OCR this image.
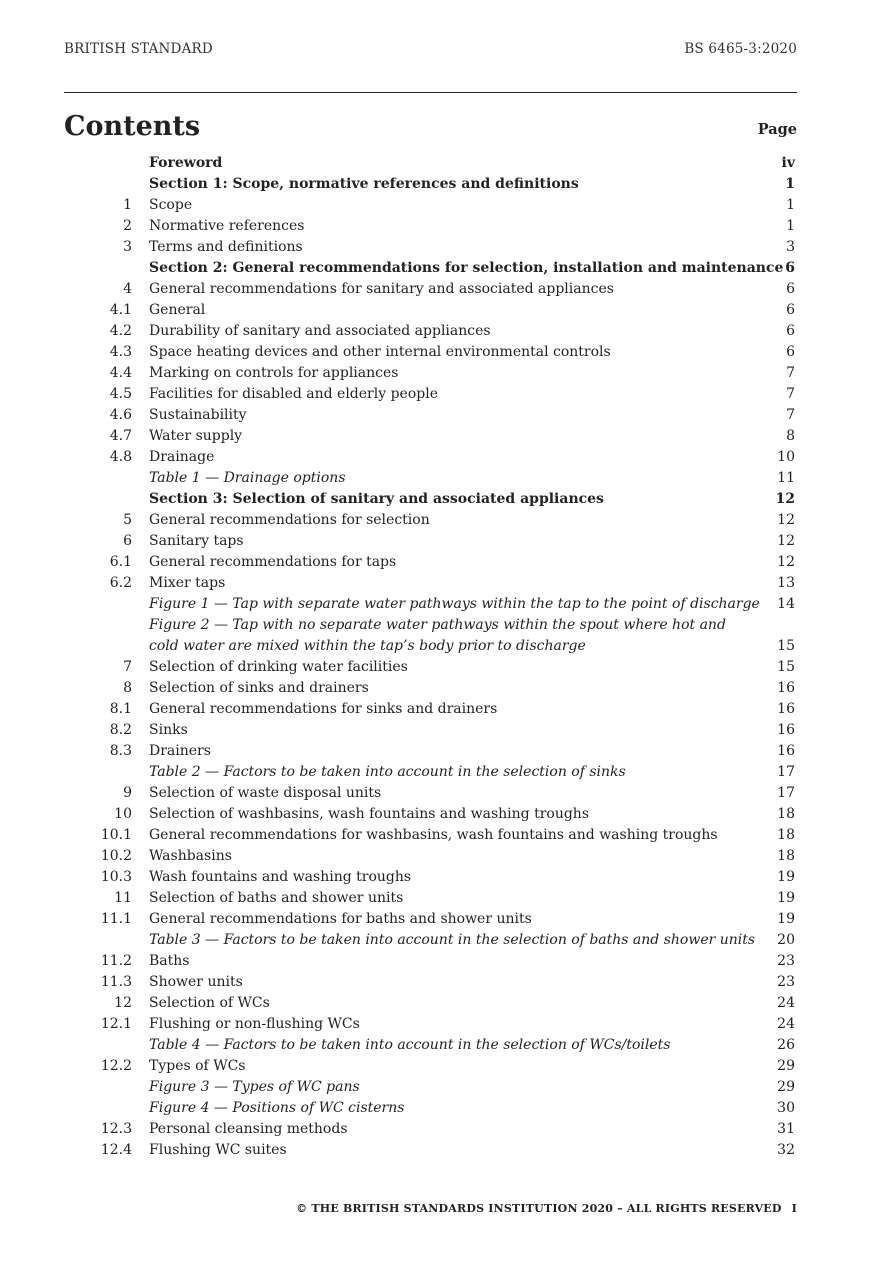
BRITISH STANDARD	BS 6465-3:2020
Contents	Page
Foreword	iv
Section 1: Scope, normative references and definitions	1
1 Scope	1
2 Normative references	1
3 Terms and definitions	3
Section 2: General recommendations for selection, installation and maintenance 6
4 General recommendations for sanitary and associated appliances	6
4.1 General	6
4.2 Durability of sanitary and associated appliances	6
4.3 Space heating devices and other internal environmental controls	6
4.4 Marking on controls for appliances	7
4.5 Facilities for disabled and elderly people	7
4.6 Sustainability	7
4.7 Water supply	8
4.8 Drainage	10
Table 1 — Drainage options	11
Section 3: Selection of sanitary and associated appliances	12
5 General recommendations for selection	12
6 Sanitary taps	12
6.1 General recommendations for taps	12
6.2 Mixer taps	13
Figure 1 — Tap with separate water pathways within the tap to the point of discharge 14
Figure 2 — Tap with no separate water pathways within the spout where hot and cold water are mixed within the tap’s body prior to discharge	15
7 Selection of drinking water facilities	15
8 Selection of sinks and drainers	16
8.1 General recommendations for sinks and drainers	16
8.2 Sinks	16
8.3 Drainers	16
Table 2 — Factors to be taken into account in the selection of sinks	17
9 Selection of waste disposal units	17
10 Selection of washbasins, wash fountains and washing troughs	18
10.1 General recommendations for washbasins, wash fountains and washing troughs	18
10.2 Washbasins	18
10.3 Wash fountains and washing troughs	19
11 Selection of baths and shower units	19
11.1 General recommendations for baths and shower units	19
Table 3 — Factors to be taken into account in the selection of baths and shower units 20
11.2 Baths	23
11.3 Shower units	23
12 Selection of WCs	24
12.1 Flushing or non-flushing WCs	24
Table 4 — Factors to be taken into account in the selection of WCs/toilets	26
12.2 Types of WCs	29
Figure 3 — Types of WC pans	29
Figure 4 — Positions of WC cisterns	30
12.3 Personal cleansing methods	31
12.4 Flushing WC suites	32
© THE BRITISH STANDARDS INSTITUTION 2020 – ALL RIGHTS RESERVED I
